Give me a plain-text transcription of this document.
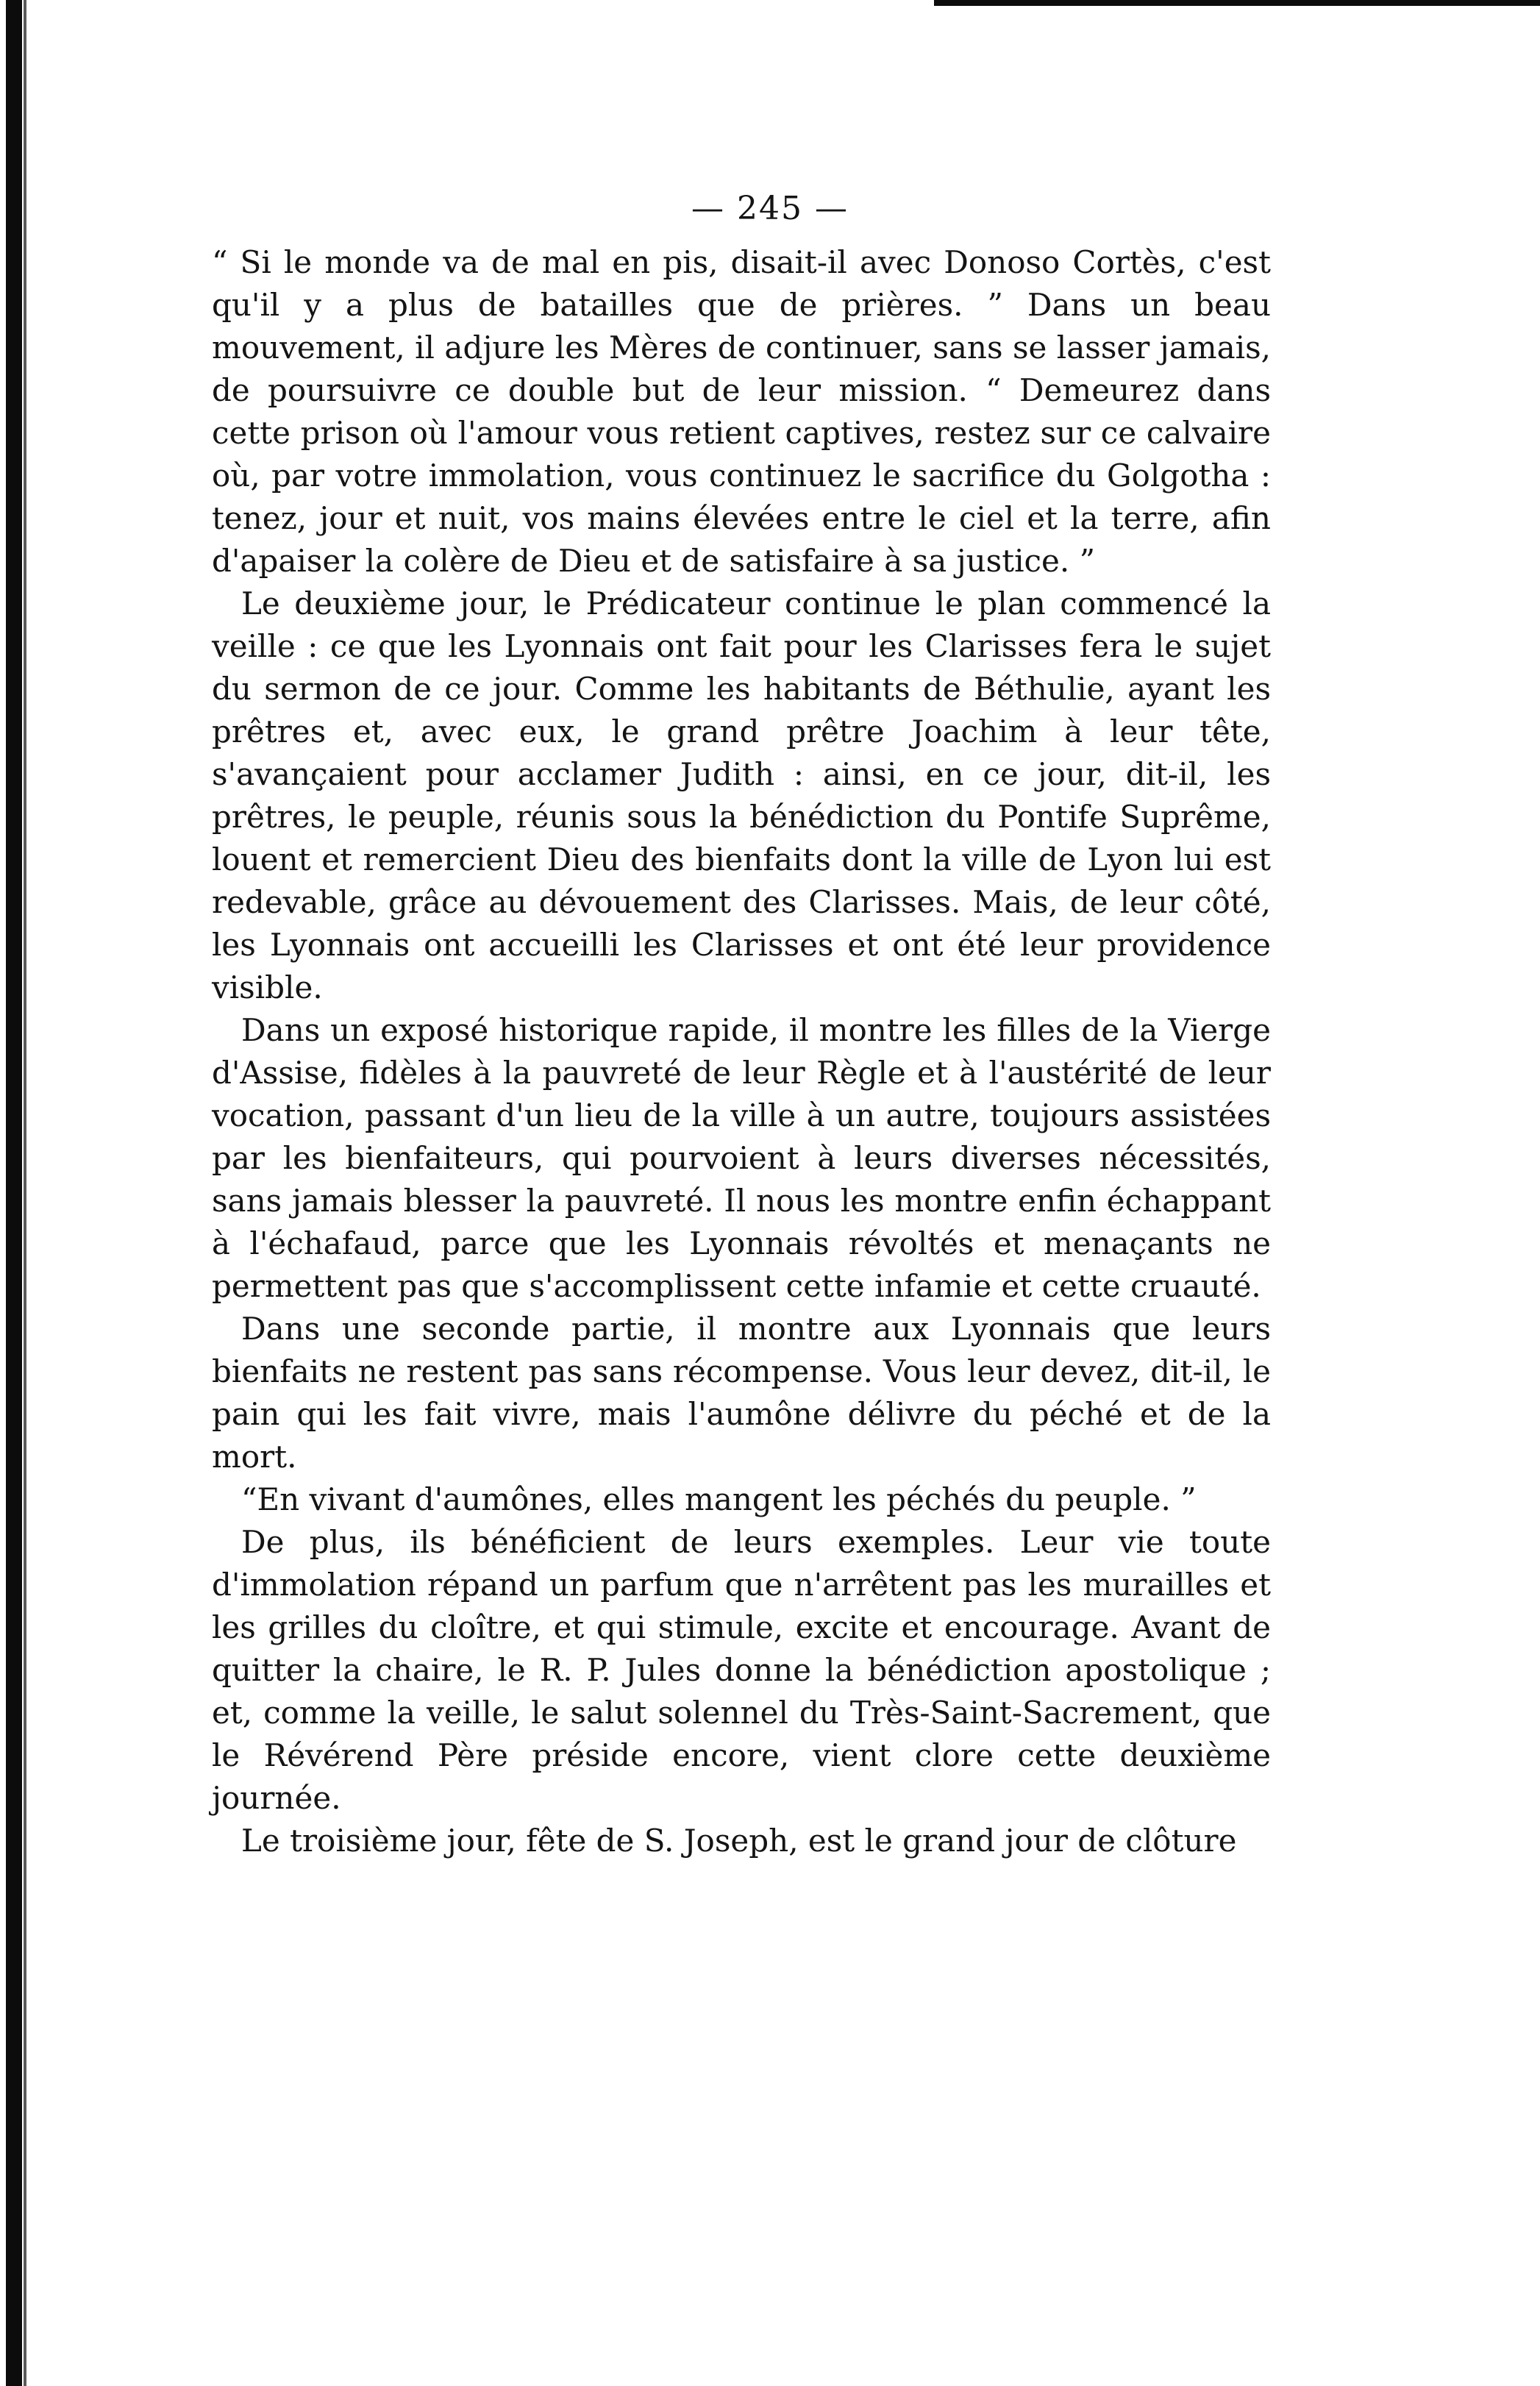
— 245 —

“ Si le monde va de mal en pis, disait-il avec Donoso Cortès, c'est qu'il y a plus de batailles que de prières. ” Dans un beau mouvement, il adjure les Mères de continuer, sans se lasser jamais, de poursuivre ce double but de leur mission. “ Demeurez dans cette prison où l'amour vous retient captives, restez sur ce calvaire où, par votre immolation, vous continuez le sacrifice du Golgotha : tenez, jour et nuit, vos mains élevées entre le ciel et la terre, afin d'apaiser la colère de Dieu et de satisfaire à sa justice. ”

Le deuxième jour, le Prédicateur continue le plan commencé la veille : ce que les Lyonnais ont fait pour les Clarisses fera le sujet du sermon de ce jour. Comme les habitants de Béthulie, ayant les prêtres et, avec eux, le grand prêtre Joachim à leur tête, s'avançaient pour acclamer Judith : ainsi, en ce jour, dit-il, les prêtres, le peuple, réunis sous la bénédiction du Pontife Suprême, louent et remercient Dieu des bienfaits dont la ville de Lyon lui est redevable, grâce au dévouement des Clarisses. Mais, de leur côté, les Lyonnais ont accueilli les Clarisses et ont été leur providence visible.

Dans un exposé historique rapide, il montre les filles de la Vierge d'Assise, fidèles à la pauvreté de leur Règle et à l'austérité de leur vocation, passant d'un lieu de la ville à un autre, toujours assistées par les bienfaiteurs, qui pourvoient à leurs diverses nécessités, sans jamais blesser la pauvreté. Il nous les montre enfin échappant à l'échafaud, parce que les Lyonnais révoltés et menaçants ne permettent pas que s'accomplissent cette infamie et cette cruauté.

Dans une seconde partie, il montre aux Lyonnais que leurs bienfaits ne restent pas sans récompense. Vous leur devez, dit-il, le pain qui les fait vivre, mais l'aumône délivre du péché et de la mort.

“En vivant d'aumônes, elles mangent les péchés du peuple. ”

De plus, ils bénéficient de leurs exemples. Leur vie toute d'immolation répand un parfum que n'arrêtent pas les murailles et les grilles du cloître, et qui stimule, excite et encourage. Avant de quitter la chaire, le R. P. Jules donne la bénédiction apostolique ; et, comme la veille, le salut solennel du Très-Saint-Sacrement, que le Révérend Père préside encore, vient clore cette deuxième journée.

Le troisième jour, fête de S. Joseph, est le grand jour de clôture
